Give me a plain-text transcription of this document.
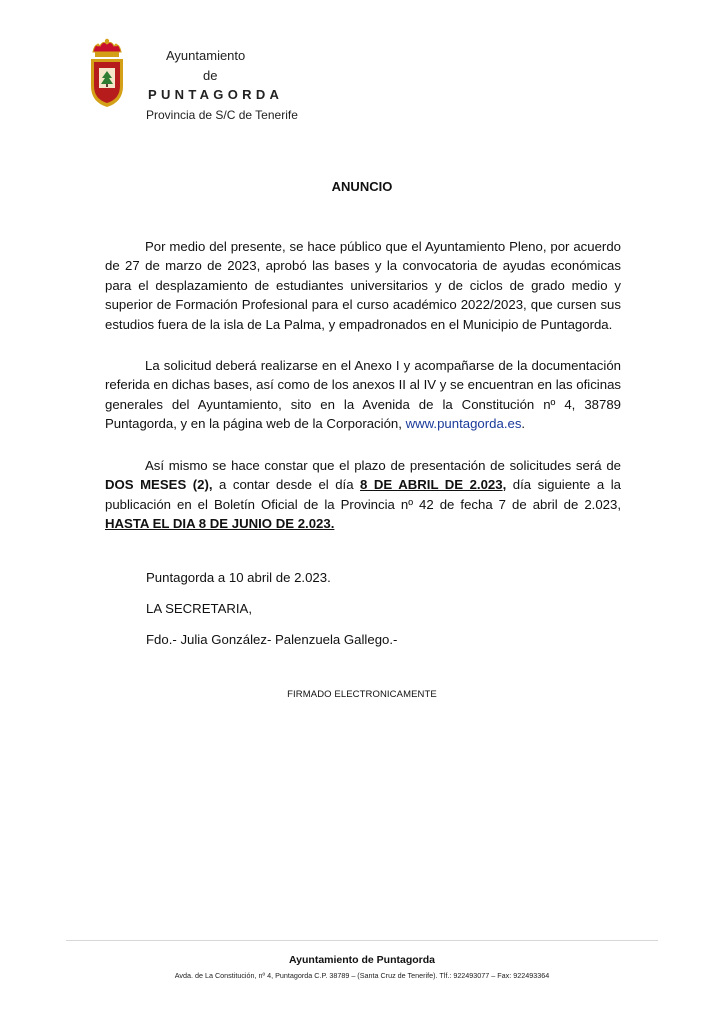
Ayuntamiento
de
PUNTAGORDA
Provincia de S/C de Tenerife
ANUNCIO
Por medio del presente, se hace público que el Ayuntamiento Pleno, por acuerdo de 27 de marzo de 2023, aprobó las bases y la convocatoria de ayudas económicas para el desplazamiento de estudiantes universitarios y de ciclos de grado medio y superior de Formación Profesional para el curso académico 2022/2023, que cursen sus estudios fuera de la isla de La Palma, y empadronados en el Municipio de Puntagorda.
La solicitud deberá realizarse en el Anexo I y acompañarse de la documentación referida en dichas bases, así como de los anexos II al IV y se encuentran en las oficinas generales del Ayuntamiento, sito en la Avenida de la Constitución nº 4, 38789 Puntagorda, y en la página web de la Corporación, www.puntagorda.es.
Así mismo se hace constar que el plazo de presentación de solicitudes será de DOS MESES (2), a contar desde el día 8 DE ABRIL DE 2.023, día siguiente a la publicación en el Boletín Oficial de la Provincia nº 42 de fecha 7 de abril de 2.023, HASTA EL DIA 8 DE JUNIO DE 2.023.
Puntagorda a 10 abril de 2.023.
LA SECRETARIA,
Fdo.- Julia González- Palenzuela Gallego.-
FIRMADO ELECTRONICAMENTE
Ayuntamiento de Puntagorda
Avda. de La Constitución, nº 4, Puntagorda C.P. 38789 – (Santa Cruz de Tenerife). Tlf.: 922493077 – Fax: 922493364
